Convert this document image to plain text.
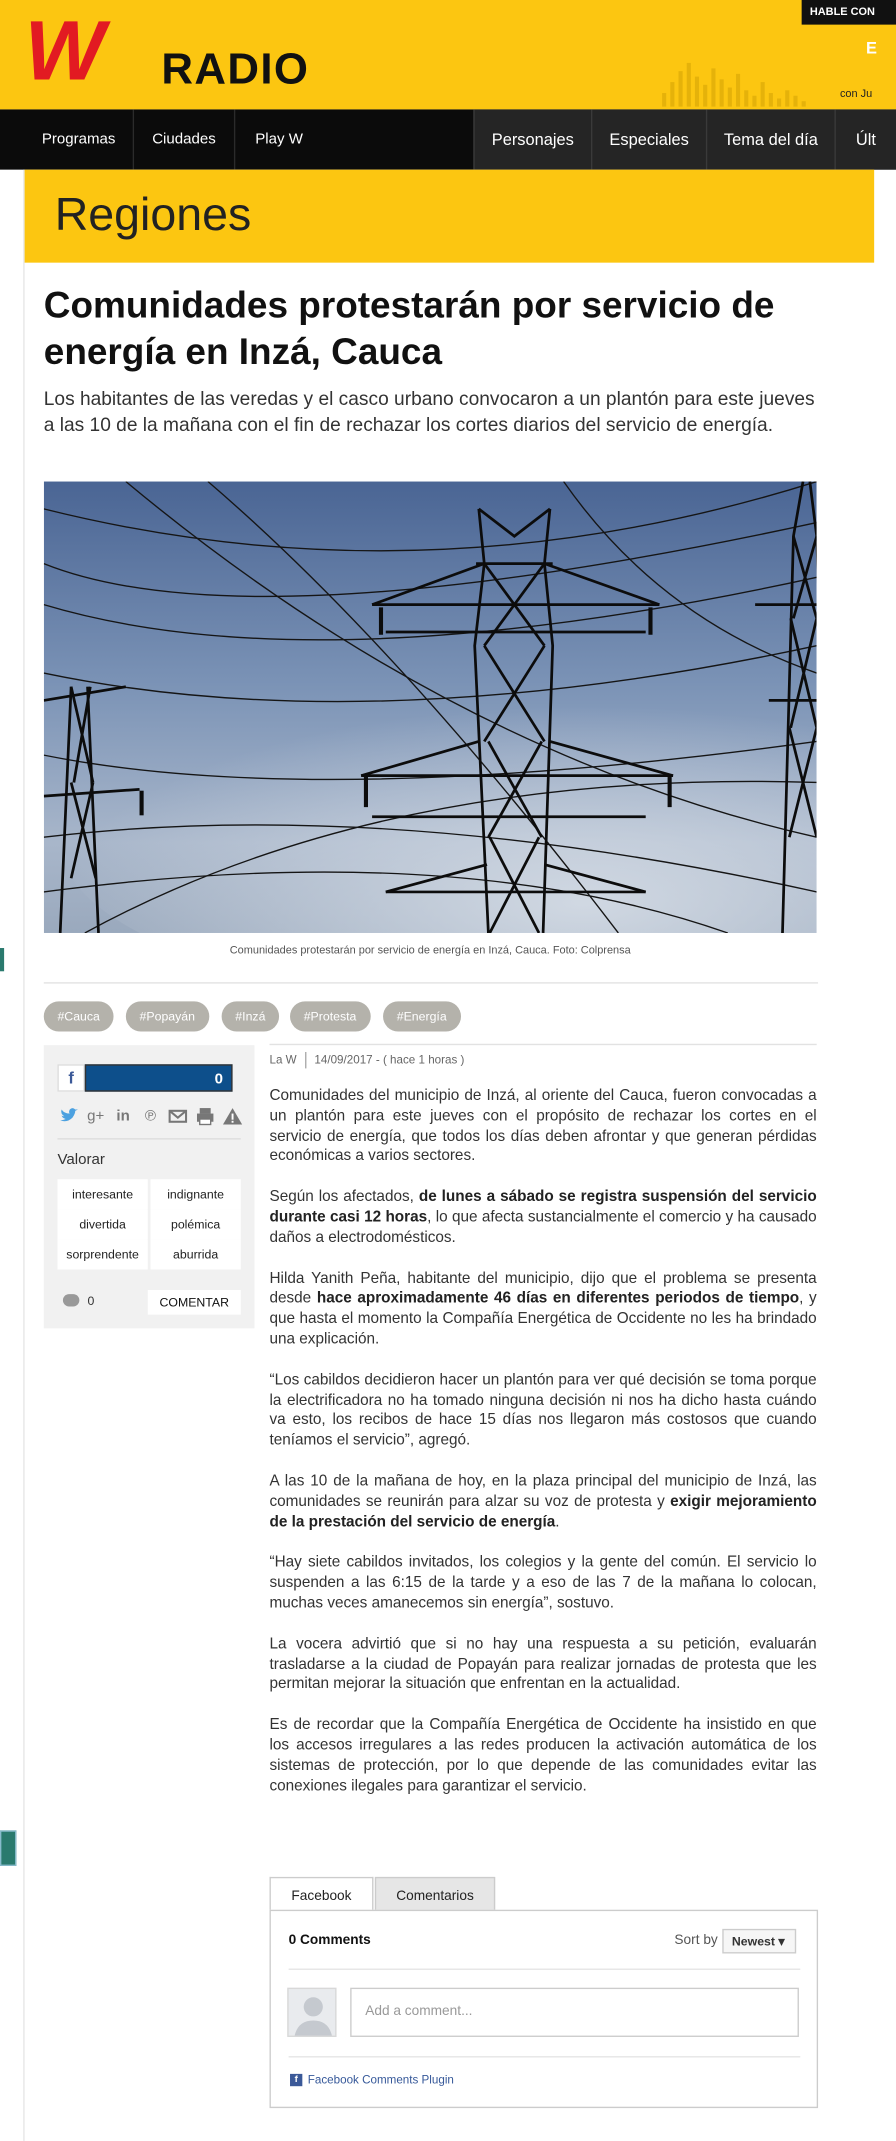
W RADIO
HABLE CON
E
con Ju
Programas	Ciudades	Play W	Personajes	Especiales	Tema del día	Últ
Regiones
Comunidades protestarán por servicio de energía en Inzá, Cauca

Los habitantes de las veredas y el casco urbano convocaron a un plantón para este jueves a las 10 de la mañana con el fin de rechazar los cortes diarios del servicio de energía.

Comunidades protestarán por servicio de energía en Inzá, Cauca. Foto: Colprensa
#Cauca	#Popayán	#Inzá	#Protesta	#Energía
f	0
g+	in	℗
Valorar
interesante	indignante
divertida	polémica
sorprendente	aburrida
0	COMENTAR
La W 14/09/2017 - ( hace 1 horas )

Comunidades del municipio de Inzá, al oriente del Cauca, fueron convocadas a un plantón para este jueves con el propósito de rechazar los cortes en el servicio de energía, que todos los días deben afrontar y que generan pérdidas económicas a varios sectores.

Según los afectados, de lunes a sábado se registra suspensión del servicio durante casi 12 horas, lo que afecta sustancialmente el comercio y ha causado daños a electrodomésticos.

Hilda Yanith Peña, habitante del municipio, dijo que el problema se presenta desde hace aproximadamente 46 días en diferentes periodos de tiempo, y que hasta el momento la Compañía Energética de Occidente no les ha brindado una explicación.

“Los cabildos decidieron hacer un plantón para ver qué decisión se toma porque la electrificadora no ha tomado ninguna decisión ni nos ha dicho hasta cuándo va esto, los recibos de hace 15 días nos llegaron más costosos que cuando teníamos el servicio”, agregó.

A las 10 de la mañana de hoy, en la plaza principal del municipio de Inzá, las comunidades se reunirán para alzar su voz de protesta y exigir mejoramiento de la prestación del servicio de energía.

“Hay siete cabildos invitados, los colegios y la gente del común. El servicio lo suspenden a las 6:15 de la tarde y a eso de las 7 de la mañana lo colocan, muchas veces amanecemos sin energía”, sostuvo.

La vocera advirtió que si no hay una respuesta a su petición, evaluarán trasladarse a la ciudad de Popayán para realizar jornadas de protesta que les permitan mejorar la situación que enfrentan en la actualidad.

Es de recordar que la Compañía Energética de Occidente ha insistido en que los accesos irregulares a las redes producen la activación automática de los sistemas de protección, por lo que depende de las comunidades evitar las conexiones ilegales para garantizar el servicio.

Facebook	Comentarios
0 Comments	Sort by	Newest ▾
Add a comment...
f Facebook Comments Plugin
